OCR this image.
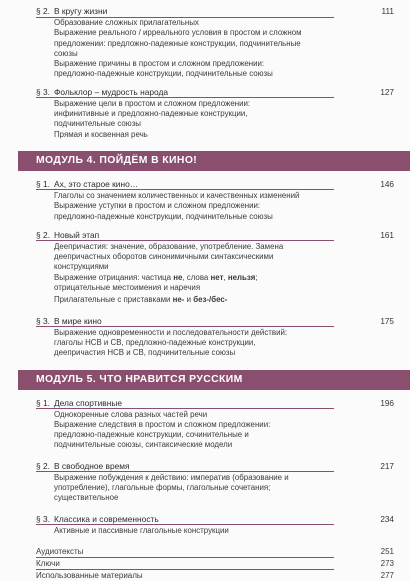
§ 2. В кругу жизни	111
Образование сложных прилагательных
Выражение реального / ирреального условия в простом и сложном предложении: предложно-падежные конструкции, подчинительные союзы
Выражение причины в простом и сложном предложении: предложно-падежные конструкции, подчинительные союзы
§ 3. Фольклор – мудрость народа	127
Выражение цели в простом и сложном предложении: инфинитивные и предложно-падежные конструкции, подчинительные союзы
Прямая и косвенная речь
МОДУЛЬ 4. ПОЙДЁМ В КИНО!
§ 1. Ах, это старое кино…	146
Глаголы со значением количественных и качественных изменений
Выражение уступки в простом и сложном предложении: предложно-падежные конструкции, подчинительные союзы
§ 2. Новый этап	161
Деепричастия: значение, образование, употребление. Замена деепричастных оборотов синонимичными синтаксическими конструкциями
Выражение отрицания: частица не, слова нет, нельзя; отрицательные местоимения и наречия
Прилагательные с приставками не- и без-/бес-
§ 3. В мире кино	175
Выражение одновременности и последовательности действий: глаголы НСВ и СВ, предложно-падежные конструкции, деепричастия НСВ и СВ, подчинительные союзы
МОДУЛЬ 5. ЧТО НРАВИТСЯ РУССКИМ
§ 1. Дела спортивные	196
Однокоренные слова разных частей речи
Выражение следствия в простом и сложном предложении: предложно-падежные конструкции, сочинительные и подчинительные союзы, синтаксические модели
§ 2. В свободное время	217
Выражение побуждения к действию: императив (образование и употребление), глагольные формы, глагольные сочетания; существительное
§ 3. Классика и современность	234
Активные и пассивные глагольные конструкции
Аудиотексты	251
Ключи	273
Использованные материалы	277
